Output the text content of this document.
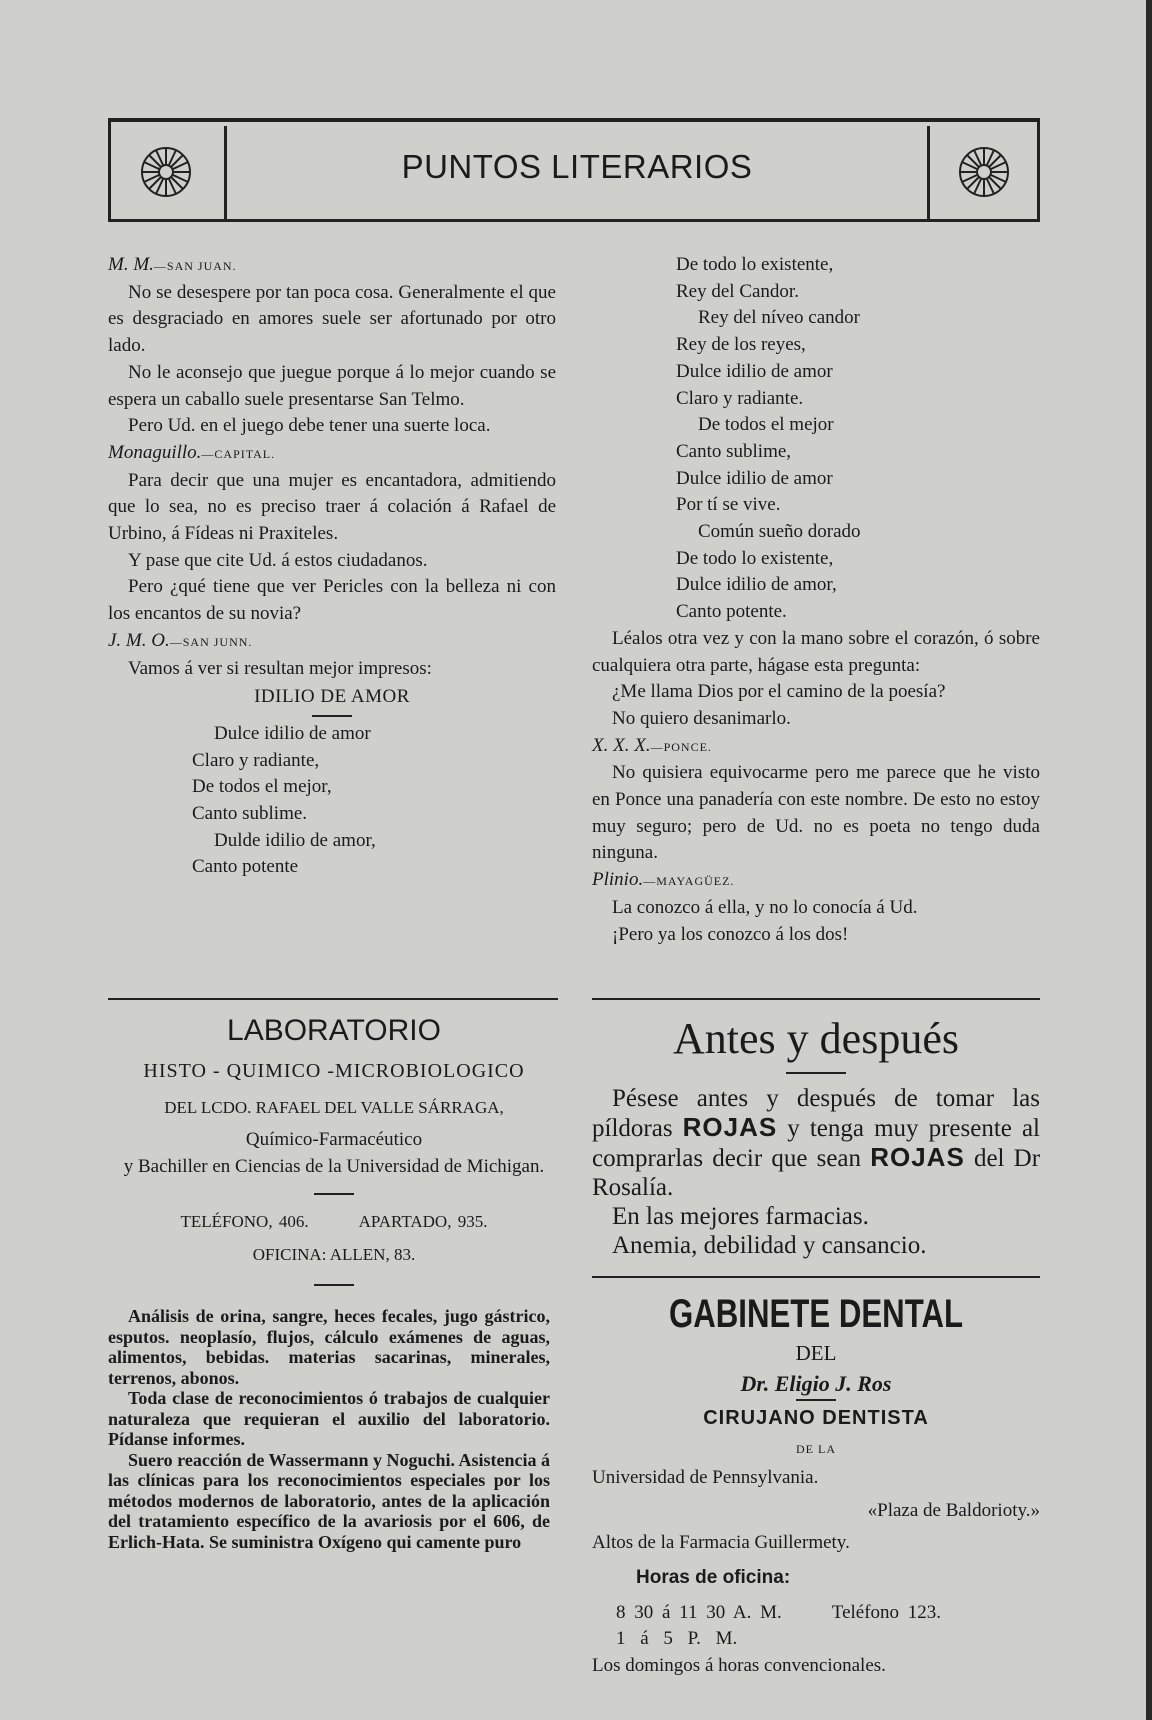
PUNTOS LITERARIOS

M. M.—SAN JUAN.

No se desespere por tan poca cosa. Generalmente el que es desgraciado en amores suele ser afortunado por otro lado.

No le aconsejo que juegue porque á lo mejor cuando se espera un caballo suele presentarse San Telmo.

Pero Ud. en el juego debe tener una suerte loca.

Monaguillo.—CAPITAL.

Para decir que una mujer es encantadora, admitiendo que lo sea, no es preciso traer á colación á Rafael de Urbino, á Fídeas ni Praxiteles.

Y pase que cite Ud. á estos ciudadanos.

Pero ¿qué tiene que ver Pericles con la belleza ni con los encantos de su novia?

J. M. O.—SAN JUNN.

Vamos á ver si resultan mejor impresos:

IDILIO DE AMOR

Dulce idilio de amor

Claro y radiante,

De todos el mejor,

Canto sublime.

Dulde idilio de amor,

Canto potente

De todo lo existente,

Rey del Candor.

Rey del níveo candor

Rey de los reyes,

Dulce idilio de amor

Claro y radiante.

De todos el mejor

Canto sublime,

Dulce idilio de amor

Por tí se vive.

Común sueño dorado

De todo lo existente,

Dulce idilio de amor,

Canto potente.

Léalos otra vez y con la mano sobre el corazón, ó sobre cualquiera otra parte, hágase esta pregunta:

¿Me llama Dios por el camino de la poesía?

No quiero desanimarlo.

X. X. X.—PONCE.

No quisiera equivocarme pero me parece que he visto en Ponce una panadería con este nombre. De esto no estoy muy seguro; pero de Ud. no es poeta no tengo duda ninguna.

Plinio.—MAYAGÜEZ.

La conozco á ella, y no lo conocía á Ud.

¡Pero ya los conozco á los dos!

LABORATORIO

HISTO - QUIMICO -MICROBIOLOGICO

DEL LCDO. RAFAEL DEL VALLE SÁRRAGA,

Químico-Farmacéutico

y Bachiller en Ciencias de la Universidad de Michigan.

TELÉFONO, 406.	APARTADO, 935.

OFICINA: ALLEN, 83.

Análisis de orina, sangre, heces fecales, jugo gástrico, esputos. neoplasío, flujos, cálculo exámenes de aguas, alimentos, bebidas. materias sacarinas, minerales, terrenos, abonos.

Toda clase de reconocimientos ó trabajos de cualquier naturaleza que requieran el auxilio del laboratorio. Pídanse informes.

Suero reacción de Wassermann y Noguchi. Asistencia á las clínicas para los reconocimientos especiales por los métodos modernos de laboratorio, antes de la aplicación del tratamiento específico de la avariosis por el 606, de Erlich-Hata. Se suministra Oxígeno qui camente puro

Antes y después

Pésese antes y después de tomar las píldoras ROJAS y tenga muy presente al comprarlas decir que sean ROJAS del Dr Rosalía.

En las mejores farmacias.

Anemia, debilidad y cansancio.

GABINETE DENTAL

DEL

Dr. Eligio J. Ros

CIRUJANO DENTISTA

DE LA

Universidad de Pennsylvania.

«Plaza de Baldorioty.»

Altos de la Farmacia Guillermety.

Horas de oficina:

8 30 á 11 30 A. M.	Teléfono 123.

1 á 5 P. M.

Los domingos á horas convencionales.
